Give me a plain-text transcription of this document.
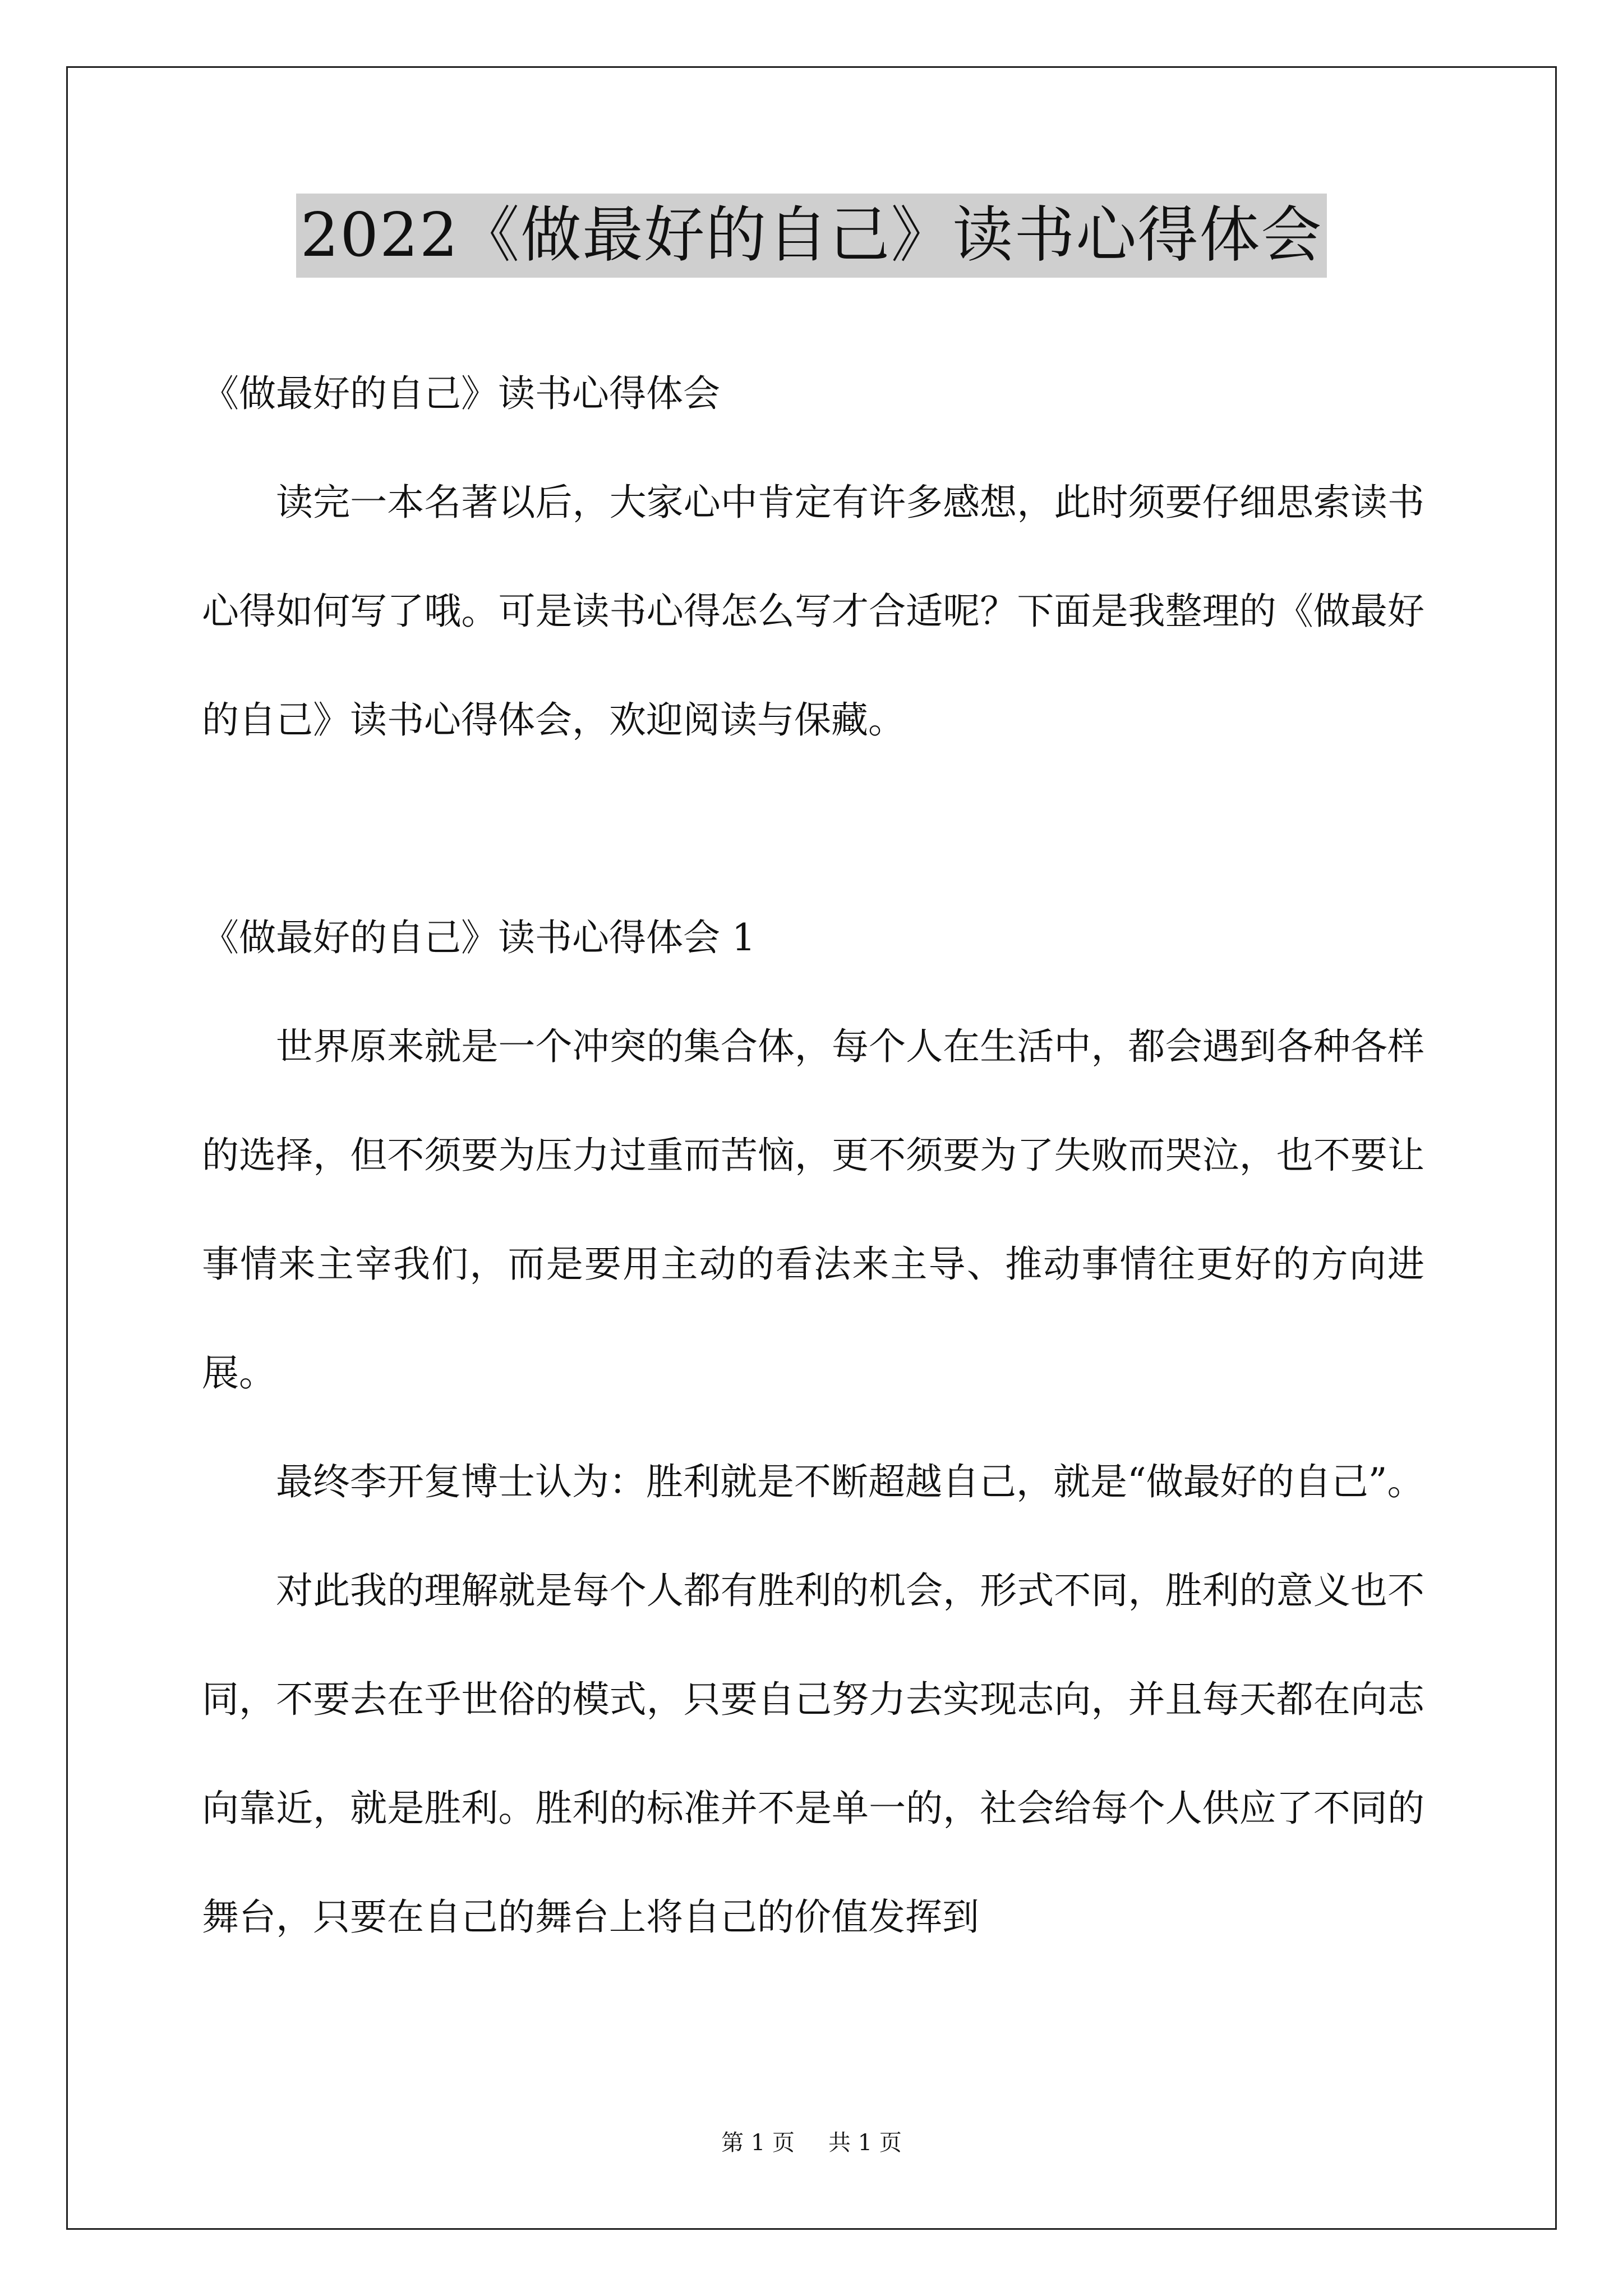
2022《做最好的自己》读书心得体会

《做最好的自己》读书心得体会

读完一本名著以后，大家心中肯定有许多感想，此时须要仔细思索读书心得如何写了哦。可是读书心得怎么写才合适呢？下面是我整理的《做最好的自己》读书心得体会，欢迎阅读与保藏。

《做最好的自己》读书心得体会 1

世界原来就是一个冲突的集合体，每个人在生活中，都会遇到各种各样的选择，但不须要为压力过重而苦恼，更不须要为了失败而哭泣，也不要让事情来主宰我们，而是要用主动的看法来主导、推动事情往更好的方向进展。

最终李开复博士认为：胜利就是不断超越自己，就是“做最好的自己”。

对此我的理解就是每个人都有胜利的机会，形式不同，胜利的意义也不同，不要去在乎世俗的模式，只要自己努力去实现志向，并且每天都在向志向靠近，就是胜利。胜利的标准并不是单一的，社会给每个人供应了不同的舞台，只要在自己的舞台上将自己的价值发挥到

第 1 页 共 1 页
